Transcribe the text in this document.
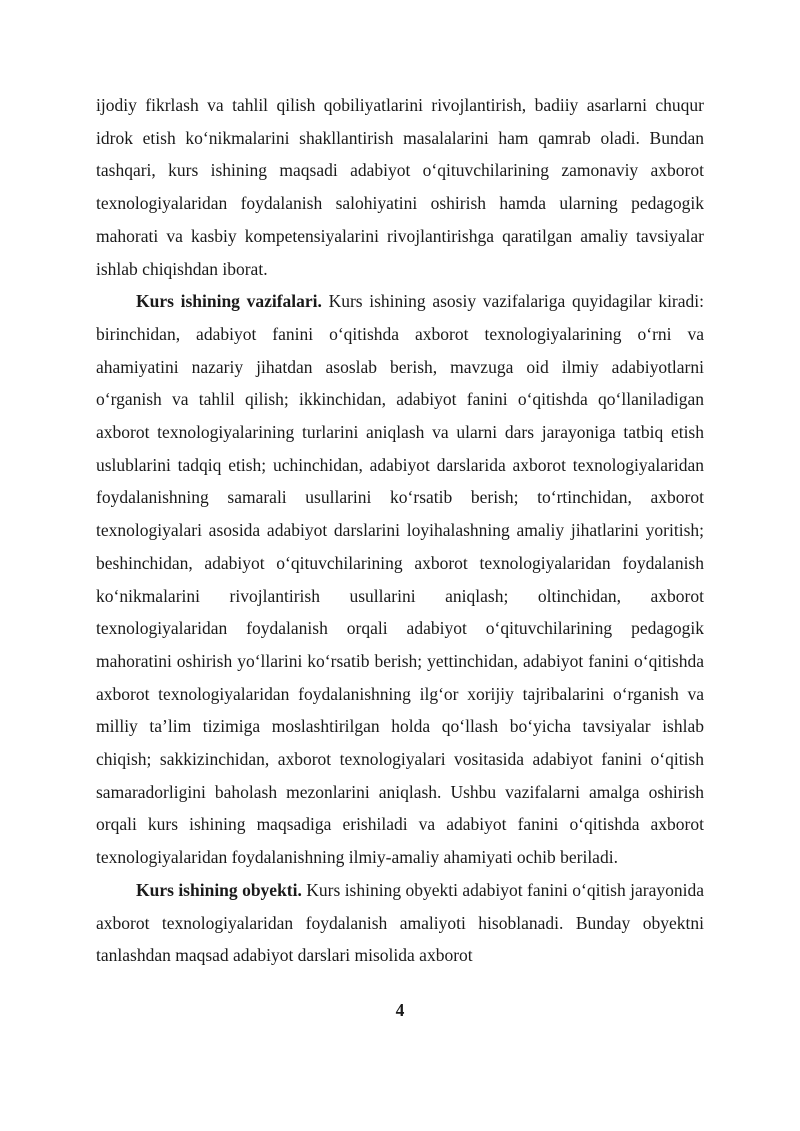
ijodiy fikrlash va tahlil qilish qobiliyatlarini rivojlantirish, badiiy asarlarni chuqur idrok etish ko‘nikmalarini shakllantirish masalalarini ham qamrab oladi. Bundan tashqari, kurs ishining maqsadi adabiyot o‘qituvchilarining zamonaviy axborot texnologiyalaridan foydalanish salohiyatini oshirish hamda ularning pedagogik mahorati va kasbiy kompetensiyalarini rivojlantirishga qaratilgan amaliy tavsiyalar ishlab chiqishdan iborat.

Kurs ishining vazifalari. Kurs ishining asosiy vazifalariga quyidagilar kiradi: birinchidan, adabiyot fanini o‘qitishda axborot texnologiyalarining o‘rni va ahamiyatini nazariy jihatdan asoslab berish, mavzuga oid ilmiy adabiyotlarni o‘rganish va tahlil qilish; ikkinchidan, adabiyot fanini o‘qitishda qo‘llaniladigan axborot texnologiyalarining turlarini aniqlash va ularni dars jarayoniga tatbiq etish uslublarini tadqiq etish; uchinchidan, adabiyot darslarida axborot texnologiyalaridan foydalanishning samarali usullarini ko‘rsatib berish; to‘rtinchidan, axborot texnologiyalari asosida adabiyot darslarini loyihalashning amaliy jihatlarini yoritish; beshinchidan, adabiyot o‘qituvchilarining axborot texnologiyalaridan foydalanish ko‘nikmalarini rivojlantirish usullarini aniqlash; oltinchidan, axborot texnologiyalaridan foydalanish orqali adabiyot o‘qituvchilarining pedagogik mahoratini oshirish yo‘llarini ko‘rsatib berish; yettinchidan, adabiyot fanini o‘qitishda axborot texnologiyalaridan foydalanishning ilg‘or xorijiy tajribalarini o‘rganish va milliy ta’lim tizimiga moslashtirilgan holda qo‘llash bo‘yicha tavsiyalar ishlab chiqish; sakkizinchidan, axborot texnologiyalari vositasida adabiyot fanini o‘qitish samaradorligini baholash mezonlarini aniqlash. Ushbu vazifalarni amalga oshirish orqali kurs ishining maqsadiga erishiladi va adabiyot fanini o‘qitishda axborot texnologiyalaridan foydalanishning ilmiy-amaliy ahamiyati ochib beriladi.

Kurs ishining obyekti. Kurs ishining obyekti adabiyot fanini o‘qitish jarayonida axborot texnologiyalaridan foydalanish amaliyoti hisoblanadi. Bunday obyektni tanlashdan maqsad adabiyot darslari misolida axborot

4
